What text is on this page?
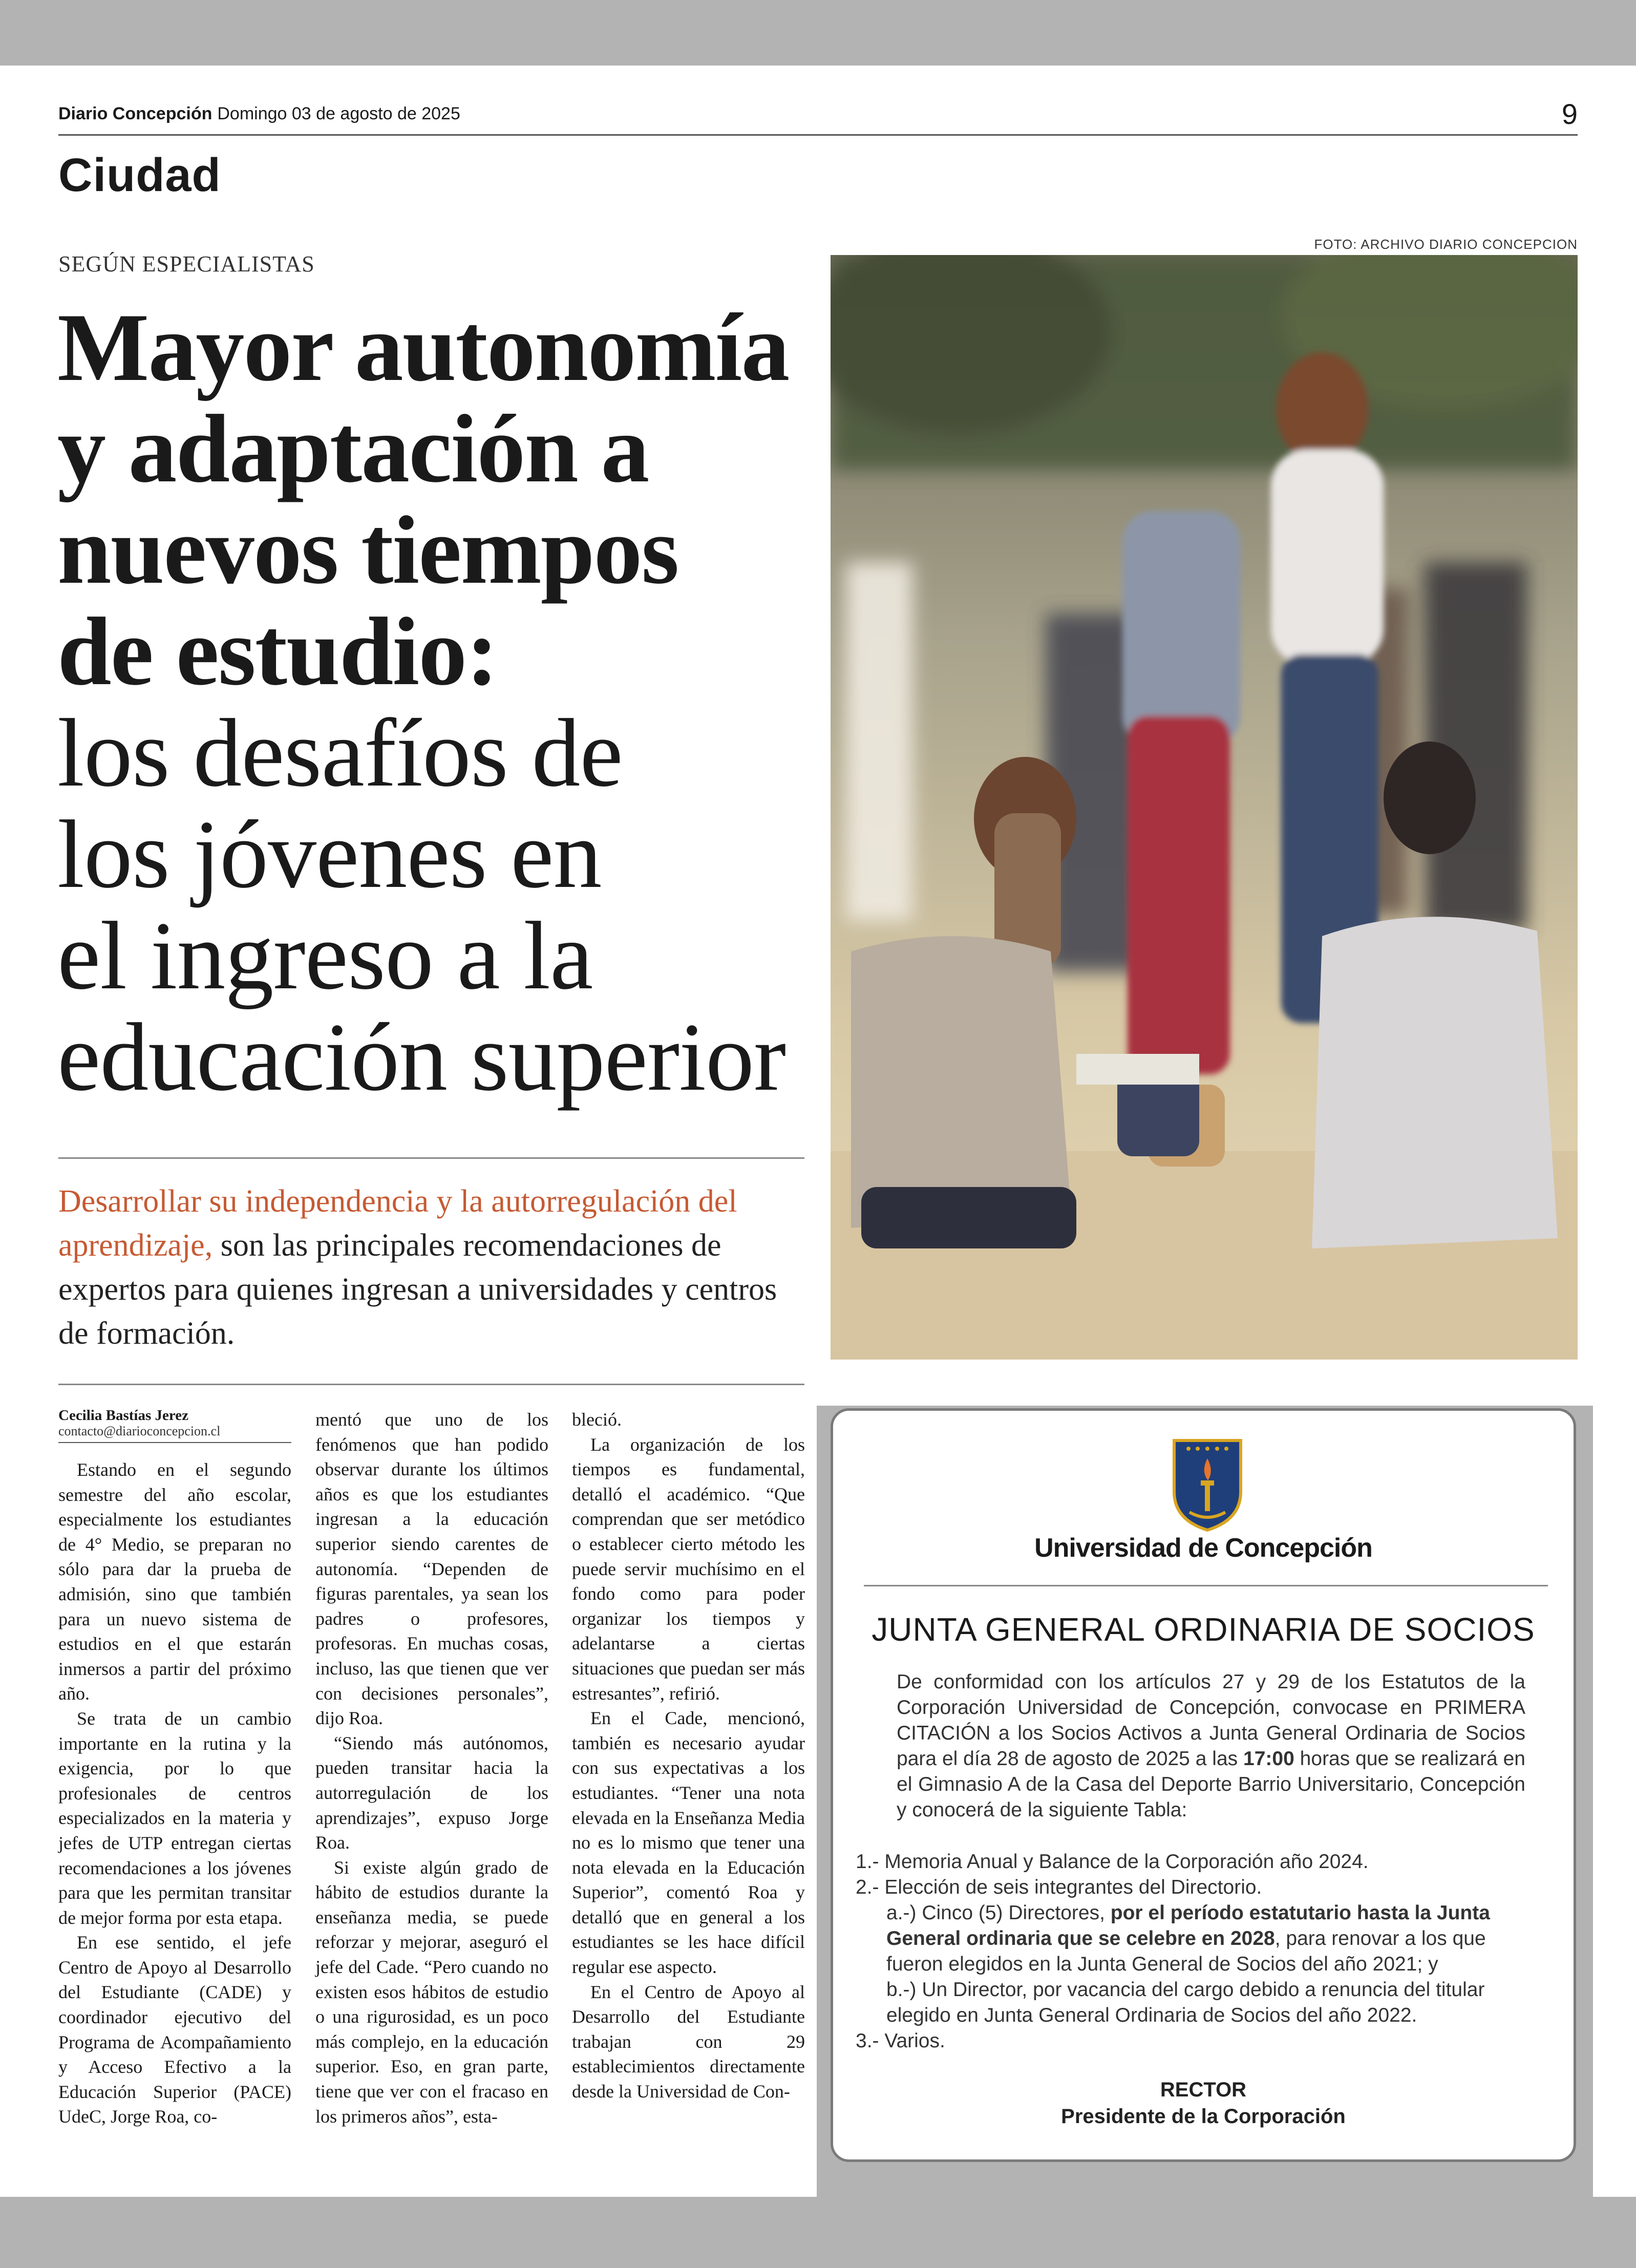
Diario Concepción Domingo 03 de agosto de 2025	9
Ciudad
SEGÚN ESPECIALISTAS
Mayor autonomía
y adaptación a
nuevos tiempos
de estudio:
los desafíos de
los jóvenes en
el ingreso a la
educación superior
Desarrollar su independencia y la autorregulación del aprendizaje, son las principales recomendaciones de expertos para quienes ingresan a universidades y centros de formación.
FOTO: ARCHIVO DIARIO CONCEPCION
Cecilia Bastías Jerez
contacto@diarioconcepcion.cl

Estando en el segundo semestre del año escolar, especialmente los estudiantes de 4° Medio, se preparan no sólo para dar la prueba de admisión, sino que también para un nuevo sistema de estudios en el que estarán inmersos a partir del próximo año.

Se trata de un cambio importante en la rutina y la exigencia, por lo que profesionales de centros especializados en la materia y jefes de UTP entregan ciertas recomendaciones a los jóvenes para que les permitan transitar de mejor forma por esta etapa.

En ese sentido, el jefe Centro de Apoyo al Desarrollo del Estudiante (CADE) y coordinador ejecutivo del Programa de Acompañamiento y Acceso Efectivo a la Educación Superior (PACE) UdeC, Jorge Roa, co-

mentó que uno de los fenómenos que han podido observar durante los últimos años es que los estudiantes ingresan a la educación superior siendo carentes de autonomía. “Dependen de figuras parentales, ya sean los padres o profesores, profesoras. En muchas cosas, incluso, las que tienen que ver con decisiones personales”, dijo Roa.

“Siendo más autónomos, pueden transitar hacia la autorregulación de los aprendizajes”, expuso Jorge Roa.

Si existe algún grado de hábito de estudios durante la enseñanza media, se puede reforzar y mejorar, aseguró el jefe del Cade. “Pero cuando no existen esos hábitos de estudio o una rigurosidad, es un poco más complejo, en la educación superior. Eso, en gran parte, tiene que ver con el fracaso en los primeros años”, esta-

bleció.

La organización de los tiempos es fundamental, detalló el académico. “Que comprendan que ser metódico o establecer cierto método les puede servir muchísimo en el fondo como para poder organizar los tiempos y adelantarse a ciertas situaciones que puedan ser más estresantes”, refirió.

En el Cade, mencionó, también es necesario ayudar con sus expectativas a los estudiantes. “Tener una nota elevada en la Enseñanza Media no es lo mismo que tener una nota elevada en la Educación Superior”, comentó Roa y detalló que en general a los estudiantes se les hace difícil regular ese aspecto.

En el Centro de Apoyo al Desarrollo del Estudiante trabajan con 29 establecimientos directamente desde la Universidad de Con-

Universidad de Concepción
JUNTA GENERAL ORDINARIA DE SOCIOS
De conformidad con los artículos 27 y 29 de los Estatutos de la Corporación Universidad de Concepción, convocase en PRIMERA CITACIÓN a los Socios Activos a Junta General Ordinaria de Socios para el día 28 de agosto de 2025 a las 17:00 horas que se realizará en el Gimnasio A de la Casa del Deporte Barrio Universitario, Concepción y conocerá de la siguiente Tabla:
1.- Memoria Anual y Balance de la Corporación año 2024.
2.- Elección de seis integrantes del Directorio.
a.-) Cinco (5) Directores, por el período estatutario hasta la Junta General ordinaria que se celebre en 2028, para renovar a los que fueron elegidos en la Junta General de Socios del año 2021; y
b.-) Un Director, por vacancia del cargo debido a renuncia del titular elegido en Junta General Ordinaria de Socios del año 2022.
3.- Varios.
RECTOR
Presidente de la Corporación
